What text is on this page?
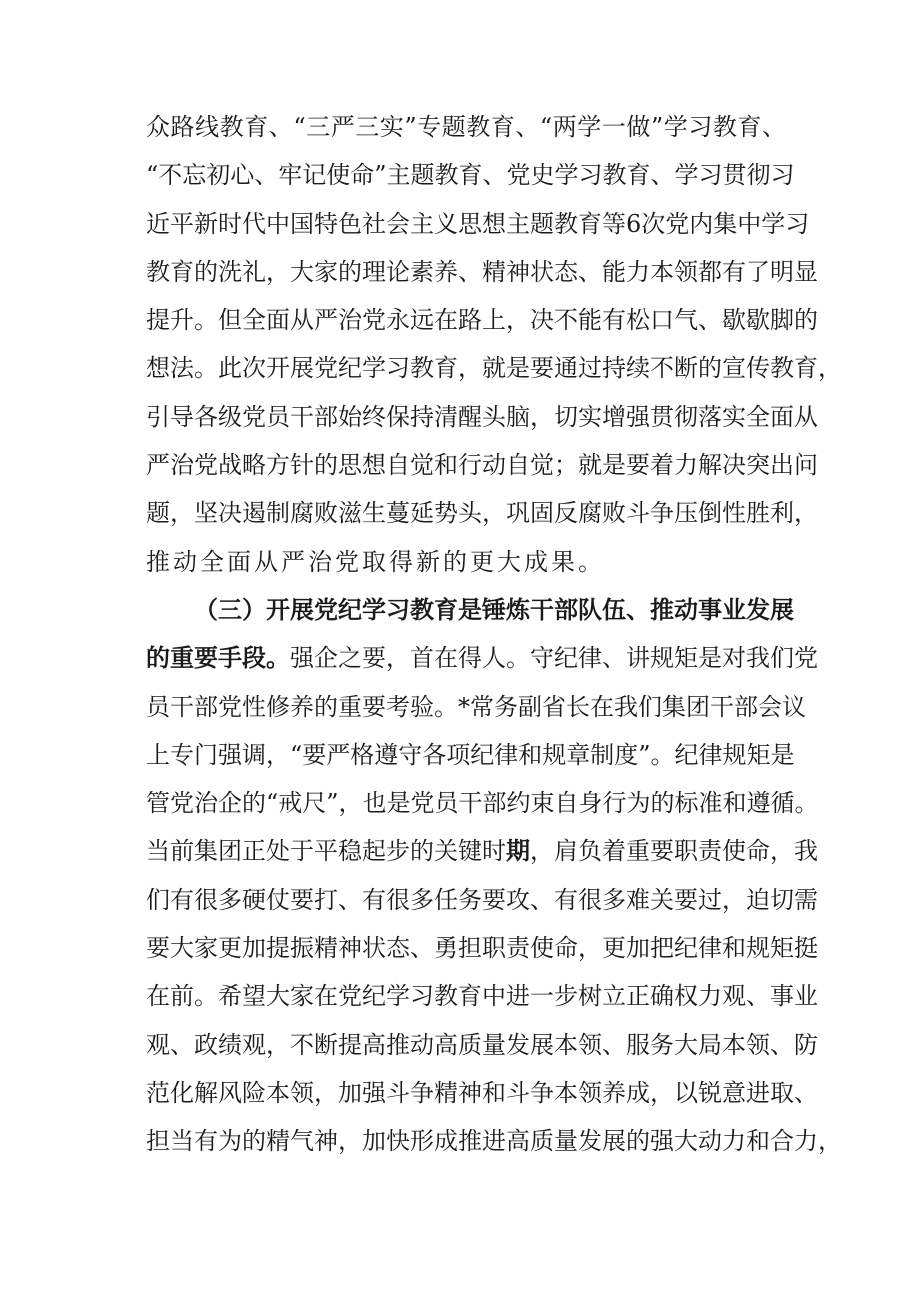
众路线教育、“三严三实”专题教育、“两学一做”学习教育、
“不忘初心、牢记使命”主题教育、党史学习教育、学习贯彻习
近平新时代中国特色社会主义思想主题教育等6次党内集中学习
教育的洗礼，大家的理论素养、精神状态、能力本领都有了明显
提升。但全面从严治党永远在路上，决不能有松口气、歇歇脚的
想法。此次开展党纪学习教育，就是要通过持续不断的宣传教育，
引导各级党员干部始终保持清醒头脑，切实增强贯彻落实全面从
严治党战略方针的思想自觉和行动自觉；就是要着力解决突出问
题，坚决遏制腐败滋生蔓延势头，巩固反腐败斗争压倒性胜利，
推动全面从严治党取得新的更大成果。
（三）开展党纪学习教育是锤炼干部队伍、推动事业发展
的重要手段。强企之要，首在得人。守纪律、讲规矩是对我们党
员干部党性修养的重要考验。*常务副省长在我们集团干部会议
上专门强调，“要严格遵守各项纪律和规章制度”。纪律规矩是
管党治企的“戒尺”，也是党员干部约束自身行为的标准和遵循。
当前集团正处于平稳起步的关键时期，肩负着重要职责使命，我
们有很多硬仗要打、有很多任务要攻、有很多难关要过，迫切需
要大家更加提振精神状态、勇担职责使命，更加把纪律和规矩挺
在前。希望大家在党纪学习教育中进一步树立正确权力观、事业
观、政绩观，不断提高推动高质量发展本领、服务大局本领、防
范化解风险本领，加强斗争精神和斗争本领养成，以锐意进取、
担当有为的精气神，加快形成推进高质量发展的强大动力和合力，
